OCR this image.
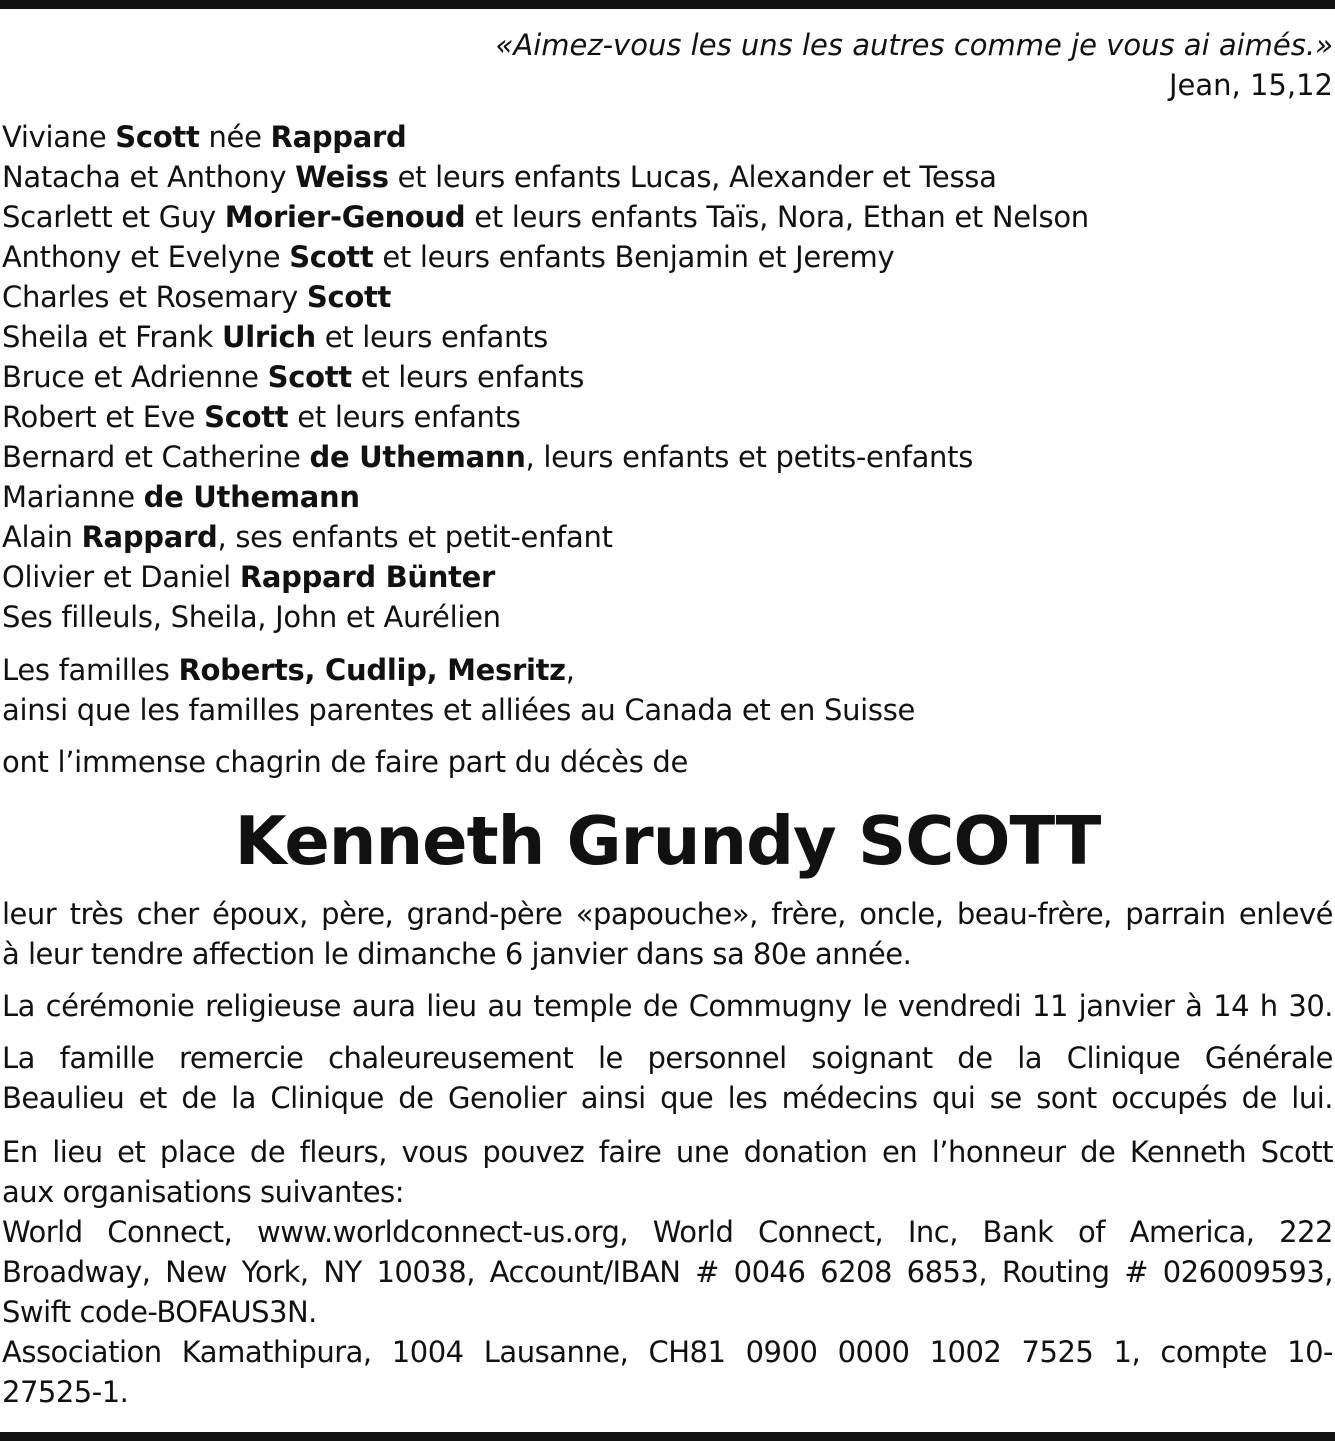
«Aimez-vous les uns les autres comme je vous ai aimés.»
Jean, 15,12
Viviane Scott née Rappard
Natacha et Anthony Weiss et leurs enfants Lucas, Alexander et Tessa
Scarlett et Guy Morier-Genoud et leurs enfants Taïs, Nora, Ethan et Nelson
Anthony et Evelyne Scott et leurs enfants Benjamin et Jeremy
Charles et Rosemary Scott
Sheila et Frank Ulrich et leurs enfants
Bruce et Adrienne Scott et leurs enfants
Robert et Eve Scott et leurs enfants
Bernard et Catherine de Uthemann, leurs enfants et petits-enfants
Marianne de Uthemann
Alain Rappard, ses enfants et petit-enfant
Olivier et Daniel Rappard Bünter
Ses filleuls, Sheila, John et Aurélien
Les familles Roberts, Cudlip, Mesritz,
ainsi que les familles parentes et alliées au Canada et en Suisse
ont l’immense chagrin de faire part du décès de
Kenneth Grundy SCOTT
leur très cher époux, père, grand-père «papouche», frère, oncle, beau-frère, parrain enlevé
à leur tendre affection le dimanche 6 janvier dans sa 80e année.
La cérémonie religieuse aura lieu au temple de Commugny le vendredi 11 janvier à 14 h 30.
La famille remercie chaleureusement le personnel soignant de la Clinique Générale
Beaulieu et de la Clinique de Genolier ainsi que les médecins qui se sont occupés de lui.
En lieu et place de fleurs, vous pouvez faire une donation en l’honneur de Kenneth Scott
aux organisations suivantes:
World Connect, www.worldconnect-us.org, World Connect, Inc, Bank of America, 222
Broadway, New York, NY 10038, Account/IBAN # 0046 6208 6853, Routing # 026009593,
Swift code-BOFAUS3N.
Association Kamathipura, 1004 Lausanne, CH81 0900 0000 1002 7525 1, compte 10-
27525-1.
